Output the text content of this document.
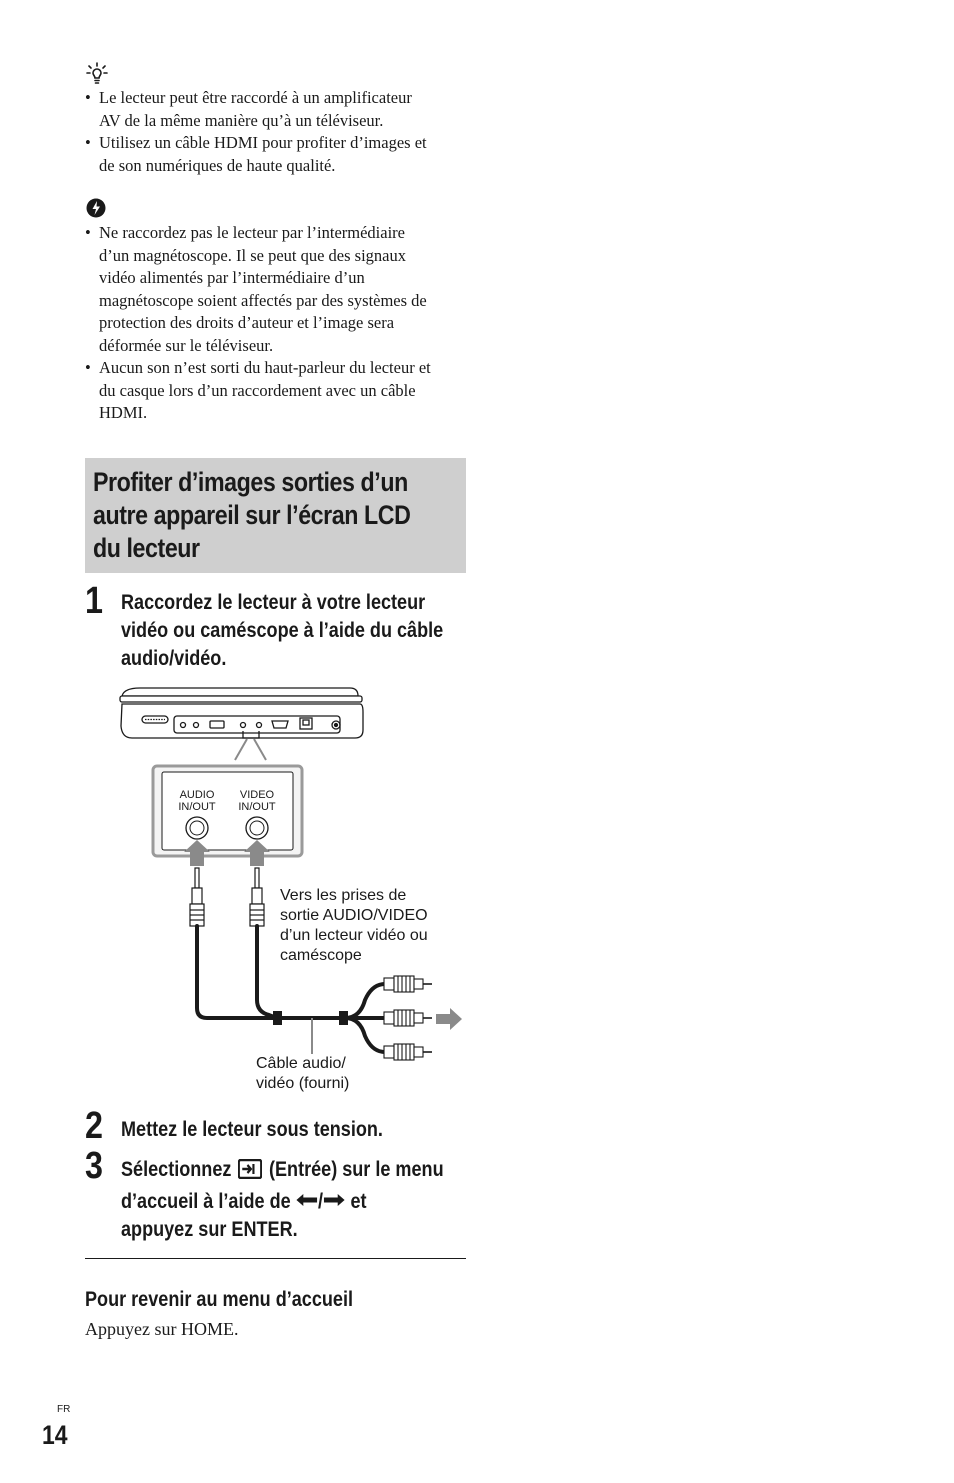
• Le lecteur peut être raccordé à un amplificateur
AV de la même manière qu’à un téléviseur.
• Utilisez un câble HDMI pour profiter d’images et
de son numériques de haute qualité.
• Ne raccordez pas le lecteur par l’intermédiaire
d’un magnétoscope. Il se peut que des signaux
vidéo alimentés par l’intermédiaire d’un
magnétoscope soient affectés par des systèmes de
protection des droits d’auteur et l’image sera
déformée sur le téléviseur.
• Aucun son n’est sorti du haut-parleur du lecteur et
du casque lors d’un raccordement avec un câble
HDMI.
Profiter d’images sorties d’un
autre appareil sur l’écran LCD
du lecteur
1 Raccordez le lecteur à votre lecteur
vidéo ou caméscope à l’aide du câble
audio/vidéo.
AUDIO
IN/OUT
VIDEO
IN/OUT
Vers les prises de
sortie AUDIO/VIDEO
d’un lecteur vidéo ou
caméscope
Câble audio/
vidéo (fourni)
2 Mettez le lecteur sous tension.
3 Sélectionnez (Entrée) sur le menu
d’accueil à l’aide de / et
appuyez sur ENTER.
Pour revenir au menu d’accueil
Appuyez sur HOME.
FR
14
